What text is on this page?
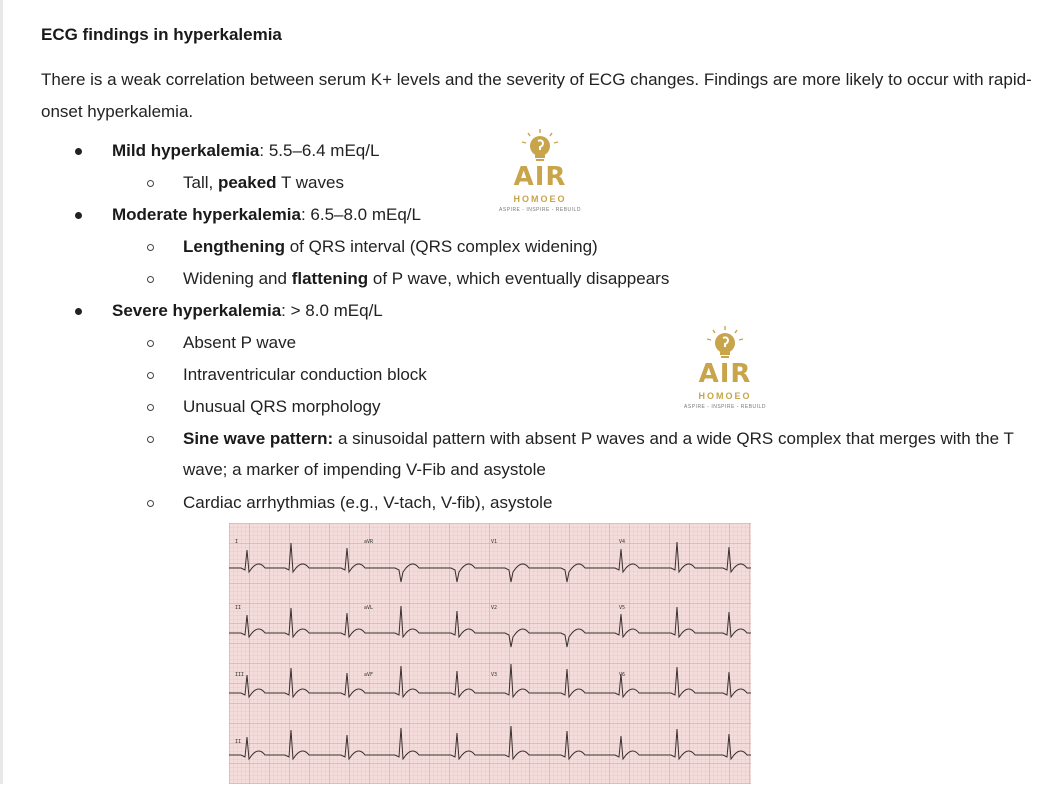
ECG findings in hyperkalemia
There is a weak correlation between serum K+ levels and the severity of ECG changes. Findings are more likely to occur with rapid-onset hyperkalemia.
Mild hyperkalemia: 5.5–6.4 mEq/L
Tall, peaked T waves
Moderate hyperkalemia: 6.5–8.0 mEq/L
Lengthening of QRS interval (QRS complex widening)
Widening and flattening of P wave, which eventually disappears
Severe hyperkalemia: > 8.0 mEq/L
Absent P wave
Intraventricular conduction block
Unusual QRS morphology
Sine wave pattern: a sinusoidal pattern with absent P waves and a wide QRS complex that merges with the T
wave; a marker of impending V-Fib and asystole
Cardiac arrhythmias (e.g., V-tach, V-fib), asystole
AIR
HOMOEO
ASPIRE - INSPIRE - REBUILD
AIR
HOMOEO
ASPIRE - INSPIRE - REBUILD
I	aVR	V1	V4
II	aVL	V2	V5
III	aVF	V3	V6
II
